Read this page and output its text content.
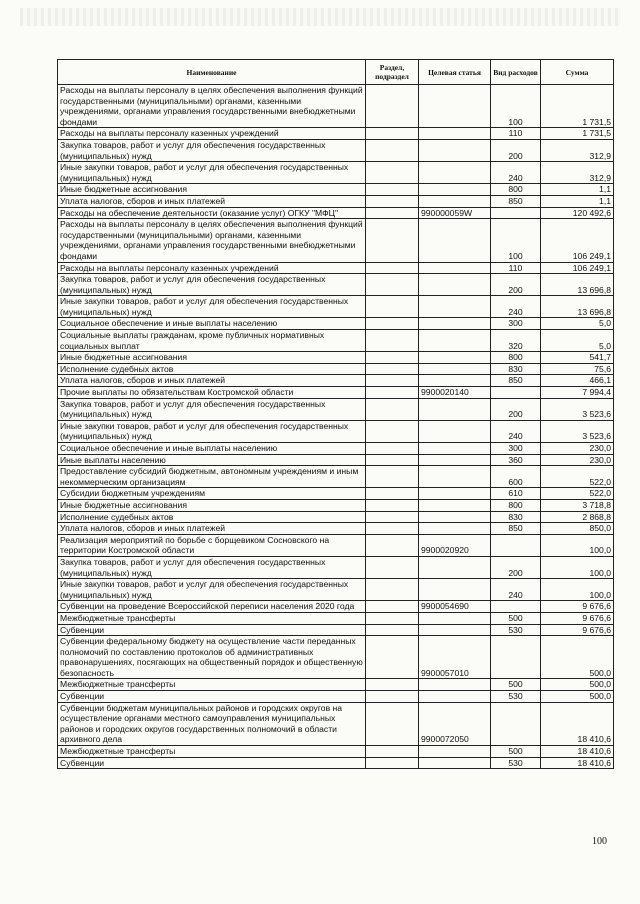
Наименование	Раздел, подраздел	Целевая статья	Вид расходов	Сумма
Расходы на выплаты персоналу в целях обеспечения выполнения функций государственными (муниципальными) органами, казенными учреждениями, органами управления государственными внебюджетными фондами			100	1 731,5
Расходы на выплаты персоналу казенных учреждений			110	1 731,5
Закупка товаров, работ и услуг для обеспечения государственных (муниципальных) нужд			200	312,9
Иные закупки товаров, работ и услуг для обеспечения государственных (муниципальных) нужд			240	312,9
Иные бюджетные ассигнования			800	1,1
Уплата налогов, сборов и иных платежей			850	1,1
Расходы на обеспечение деятельности (оказание услуг) ОГКУ "МФЦ"		990000059W		120 492,6
Расходы на выплаты персоналу в целях обеспечения выполнения функций государственными (муниципальными) органами, казенными учреждениями, органами управления государственными внебюджетными фондами			100	106 249,1
Расходы на выплаты персоналу казенных учреждений			110	106 249,1
Закупка товаров, работ и услуг для обеспечения государственных (муниципальных) нужд			200	13 696,8
Иные закупки товаров, работ и услуг для обеспечения государственных (муниципальных) нужд			240	13 696,8
Социальное обеспечение и иные выплаты населению			300	5,0
Социальные выплаты гражданам, кроме публичных нормативных социальных выплат			320	5,0
Иные бюджетные ассигнования			800	541,7
Исполнение судебных актов			830	75,6
Уплата налогов, сборов и иных платежей			850	466,1
Прочие выплаты по обязательствам Костромской области		9900020140		7 994,4
Закупка товаров, работ и услуг для обеспечения государственных (муниципальных) нужд			200	3 523,6
Иные закупки товаров, работ и услуг для обеспечения государственных (муниципальных) нужд			240	3 523,6
Социальное обеспечение и иные выплаты населению			300	230,0
Иные выплаты населению			360	230,0
Предоставление субсидий бюджетным, автономным учреждениям и иным некоммерческим организациям			600	522,0
Субсидии бюджетным учреждениям			610	522,0
Иные бюджетные ассигнования			800	3 718,8
Исполнение судебных актов			830	2 868,8
Уплата налогов, сборов и иных платежей			850	850,0
Реализация мероприятий по борьбе с борщевиком Сосновского на территории Костромской области		9900020920		100,0
Закупка товаров, работ и услуг для обеспечения государственных (муниципальных) нужд			200	100,0
Иные закупки товаров, работ и услуг для обеспечения государственных (муниципальных) нужд			240	100,0
Субвенции на проведение Всероссийской переписи населения 2020 года		9900054690		9 676,6
Межбюджетные трансферты			500	9 676,6
Субвенции			530	9 676,6
Субвенции федеральному бюджету на осуществление части переданных полномочий по составлению протоколов об административных правонарушениях, посягающих на общественный порядок и общественную безопасность		9900057010		500,0
Межбюджетные трансферты			500	500,0
Субвенции			530	500,0
Субвенции бюджетам муниципальных районов и городских округов на осуществление органами местного самоуправления муниципальных районов и городских округов государственных полномочий в области архивного дела		9900072050		18 410,6
Межбюджетные трансферты			500	18 410,6
Субвенции			530	18 410,6
100
